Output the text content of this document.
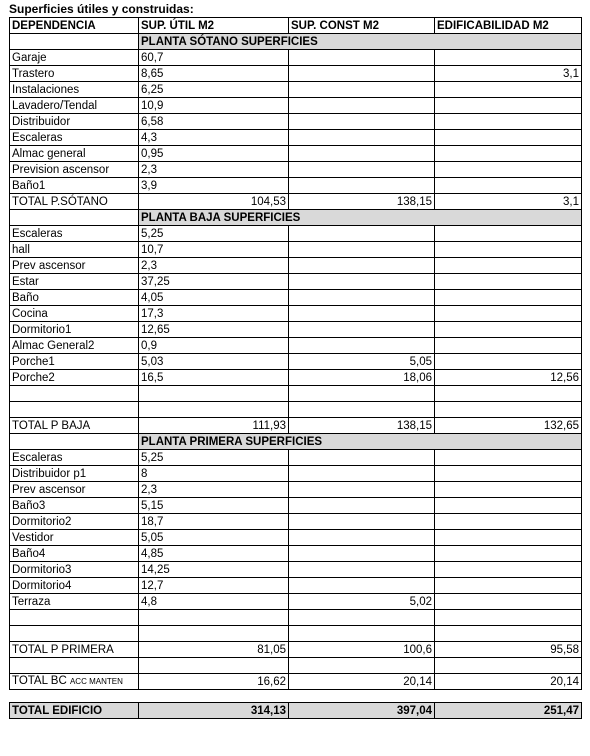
Superficies útiles y construidas:
DEPENDENCIA	SUP. ÚTIL M2	SUP. CONST M2	EDIFICABILIDAD M2
	PLANTA SÓTANO SUPERFICIES		
Garaje	60,7		
Trastero	8,65		3,1
Instalaciones	6,25		
Lavadero/Tendal	10,9		
Distribuidor	6,58		
Escaleras	4,3		
Almac general	0,95		
Prevision ascensor	2,3		
Baño1	3,9		
TOTAL P.SÓTANO	104,53	138,15	3,1
	PLANTA BAJA SUPERFICIES		
Escaleras	5,25		
hall	10,7		
Prev ascensor	2,3		
Estar	37,25		
Baño	4,05		
Cocina	17,3		
Dormitorio1	12,65		
Almac General2	0,9		
Porche1	5,03	5,05	
Porche2	16,5	18,06	12,56

TOTAL P BAJA	111,93	138,15	132,65
	PLANTA PRIMERA SUPERFICIES		
Escaleras	5,25		
Distribuidor p1	8		
Prev ascensor	2,3		
Baño3	5,15		
Dormitorio2	18,7		
Vestidor	5,05		
Baño4	4,85		
Dormitorio3	14,25		
Dormitorio4	12,7		
Terraza	4,8	5,02	

TOTAL P PRIMERA	81,05	100,6	95,58

TOTAL BC ACC MANTEN	16,62	20,14	20,14

TOTAL EDIFICIO	314,13	397,04	251,47
